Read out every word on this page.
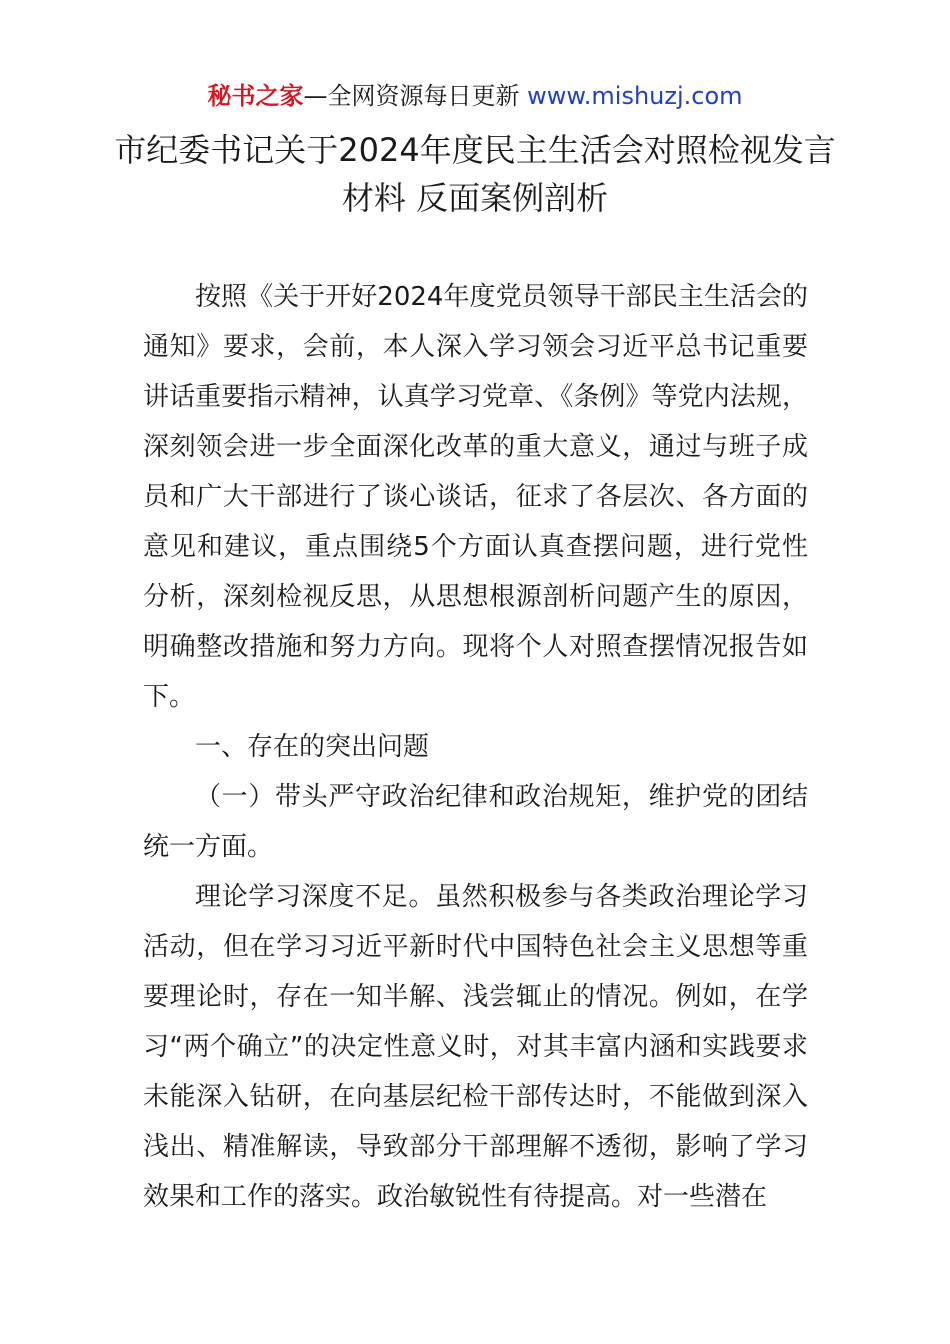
秘书之家—全网资源每日更新 www.mishuzj.com
市纪委书记关于2024年度民主生活会对照检视发言材料 反面案例剖析

按照《关于开好2024年度党员领导干部民主生活会的通知》要求，会前，本人深入学习领会习近平总书记重要讲话重要指示精神，认真学习党章、《条例》等党内法规，深刻领会进一步全面深化改革的重大意义，通过与班子成员和广大干部进行了谈心谈话，征求了各层次、各方面的意见和建议，重点围绕5个方面认真查摆问题，进行党性分析，深刻检视反思，从思想根源剖析问题产生的原因，明确整改措施和努力方向。现将个人对照查摆情况报告如下。

一、存在的突出问题

（一）带头严守政治纪律和政治规矩，维护党的团结统一方面。

理论学习深度不足。虽然积极参与各类政治理论学习活动，但在学习习近平新时代中国特色社会主义思想等重要理论时，存在一知半解、浅尝辄止的情况。例如，在学习“两个确立”的决定性意义时，对其丰富内涵和实践要求未能深入钻研，在向基层纪检干部传达时，不能做到深入浅出、精准解读，导致部分干部理解不透彻，影响了学习效果和工作的落实。政治敏锐性有待提高。对一些潜在
